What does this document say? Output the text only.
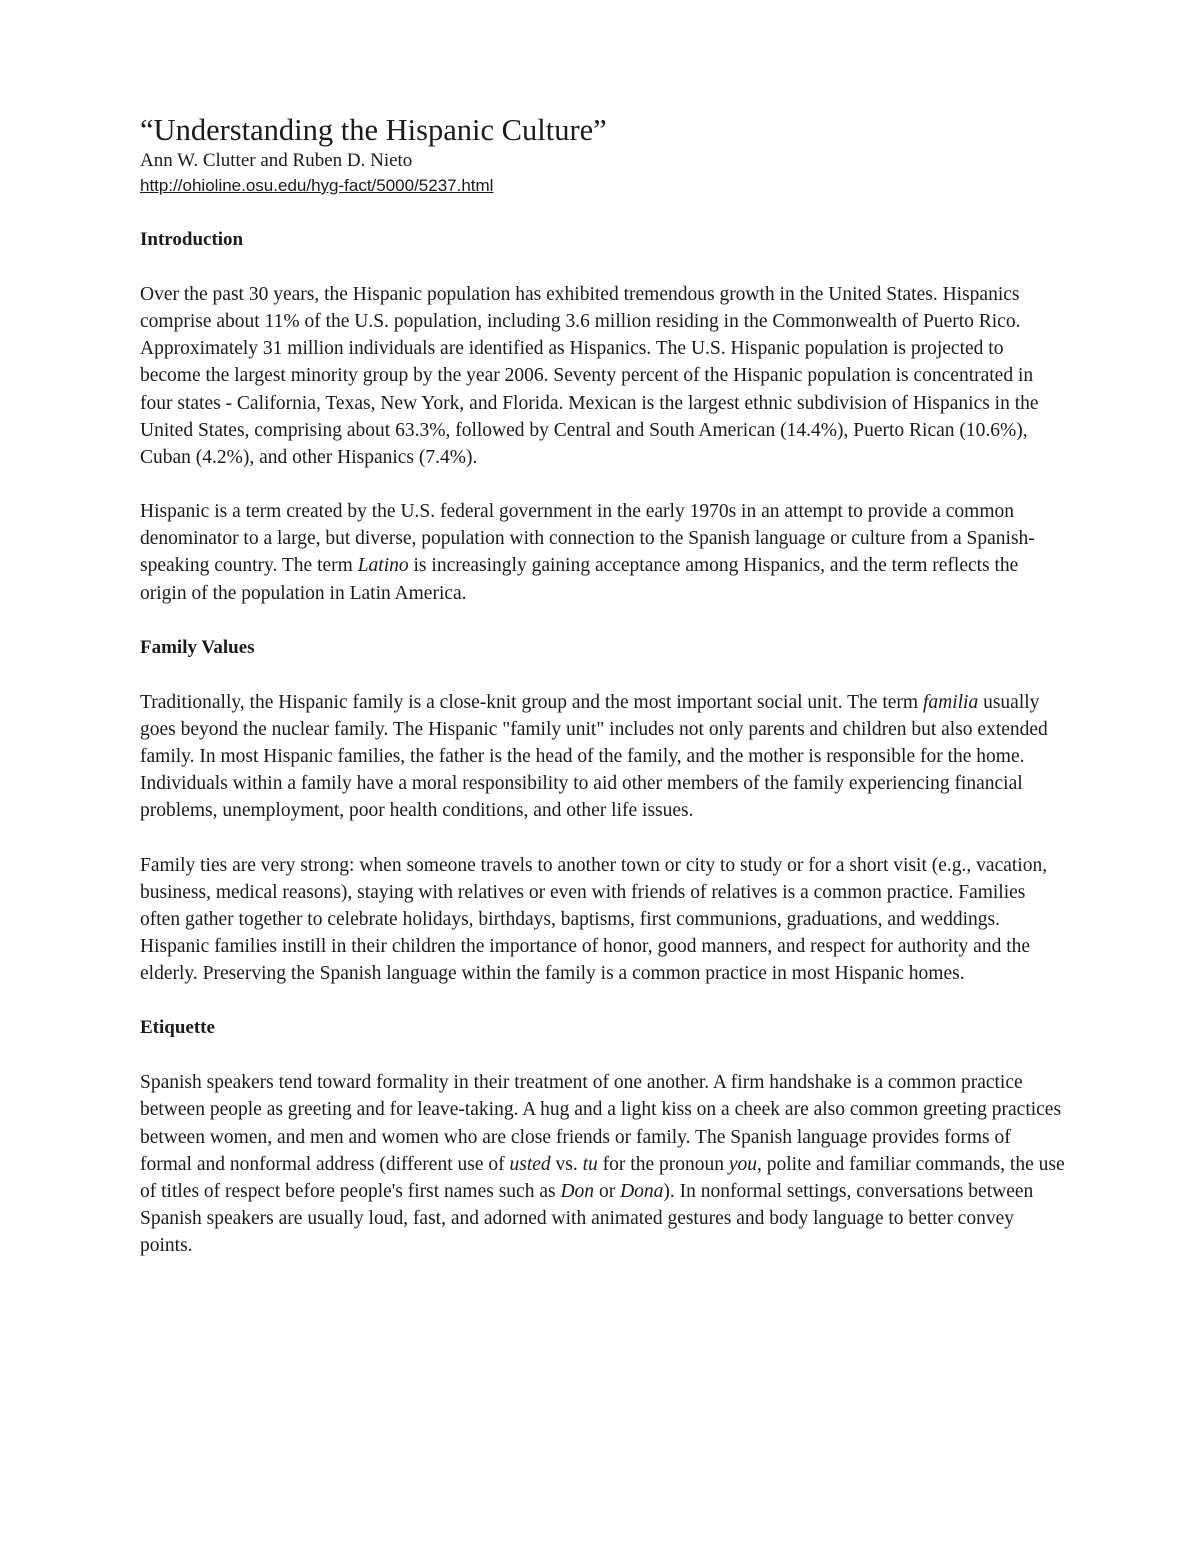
“Understanding the Hispanic Culture”

Ann W. Clutter and Ruben D. Nieto

http://ohioline.osu.edu/hyg-fact/5000/5237.html
Introduction

Over the past 30 years, the Hispanic population has exhibited tremendous growth in the United States. Hispanics comprise about 11% of the U.S. population, including 3.6 million residing in the Commonwealth of Puerto Rico. Approximately 31 million individuals are identified as Hispanics. The U.S. Hispanic population is projected to become the largest minority group by the year 2006. Seventy percent of the Hispanic population is concentrated in four states - California, Texas, New York, and Florida. Mexican is the largest ethnic subdivision of Hispanics in the United States, comprising about 63.3%, followed by Central and South American (14.4%), Puerto Rican (10.6%), Cuban (4.2%), and other Hispanics (7.4%).

Hispanic is a term created by the U.S. federal government in the early 1970s in an attempt to provide a common denominator to a large, but diverse, population with connection to the Spanish language or culture from a Spanish-speaking country. The term Latino is increasingly gaining acceptance among Hispanics, and the term reflects the origin of the population in Latin America.

Family Values

Traditionally, the Hispanic family is a close-knit group and the most important social unit. The term familia usually goes beyond the nuclear family. The Hispanic "family unit" includes not only parents and children but also extended family. In most Hispanic families, the father is the head of the family, and the mother is responsible for the home. Individuals within a family have a moral responsibility to aid other members of the family experiencing financial problems, unemployment, poor health conditions, and other life issues.

Family ties are very strong: when someone travels to another town or city to study or for a short visit (e.g., vacation, business, medical reasons), staying with relatives or even with friends of relatives is a common practice. Families often gather together to celebrate holidays, birthdays, baptisms, first communions, graduations, and weddings. Hispanic families instill in their children the importance of honor, good manners, and respect for authority and the elderly. Preserving the Spanish language within the family is a common practice in most Hispanic homes.

Etiquette

Spanish speakers tend toward formality in their treatment of one another. A firm handshake is a common practice between people as greeting and for leave-taking. A hug and a light kiss on a cheek are also common greeting practices between women, and men and women who are close friends or family. The Spanish language provides forms of formal and nonformal address (different use of usted vs. tu for the pronoun you, polite and familiar commands, the use of titles of respect before people's first names such as Don or Dona). In nonformal settings, conversations between Spanish speakers are usually loud, fast, and adorned with animated gestures and body language to better convey points.
